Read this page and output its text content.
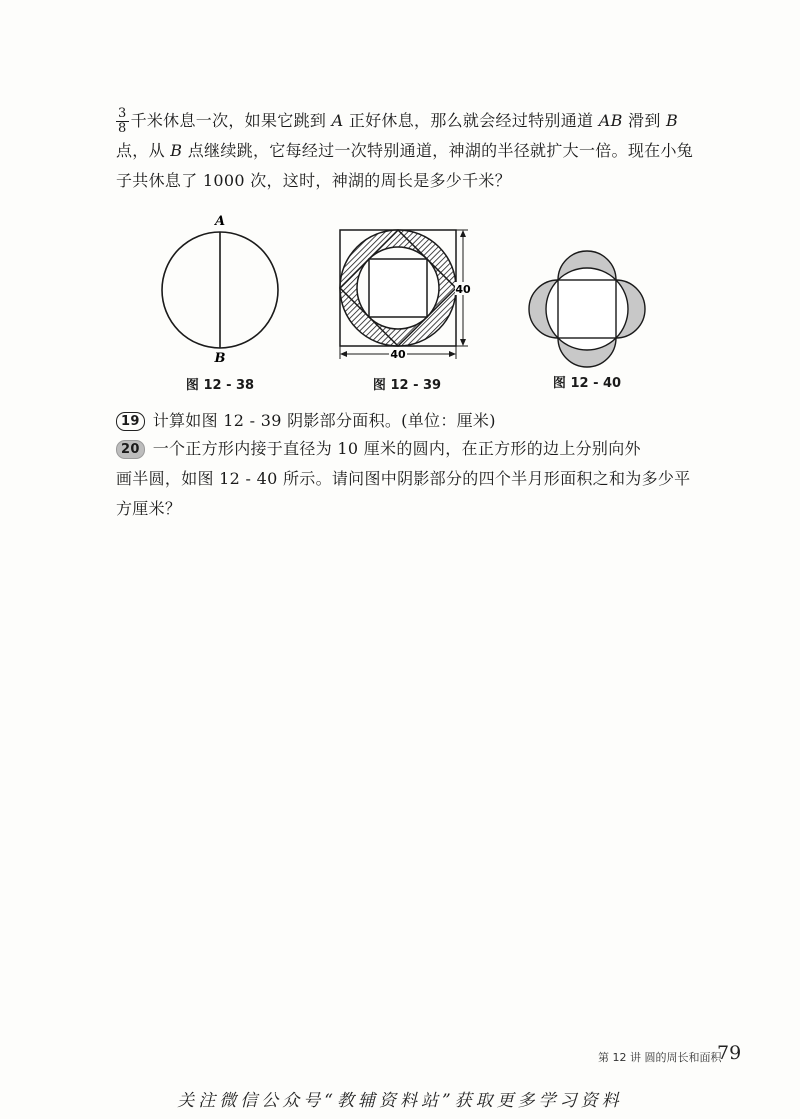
$\frac{3}{8}$ 千米休息一次，如果它跳到 A 正好休息，那么就会经过特别通道 AB 滑到 B
点，从 B 点继续跳，它每经过一次特别通道，神湖的半径就扩大一倍。现在小兔
子共休息了 1000 次，这时，神湖的周长是多少千米？
A
B
图 12 - 38
40
40
图 12 - 39	图 12 - 40
19 计算如图 12 - 39 阴影部分面积。(单位：厘米)
20 一个正方形内接于直径为 10 厘米的圆内，在正方形的边上分别向外
画半圆，如图 12 - 40 所示。请问图中阴影部分的四个半月形面积之和为多少平
方厘米？
第 12 讲 圆的周长和面积
79
关注微信公众号“教辅资料站”获取更多学习资料
